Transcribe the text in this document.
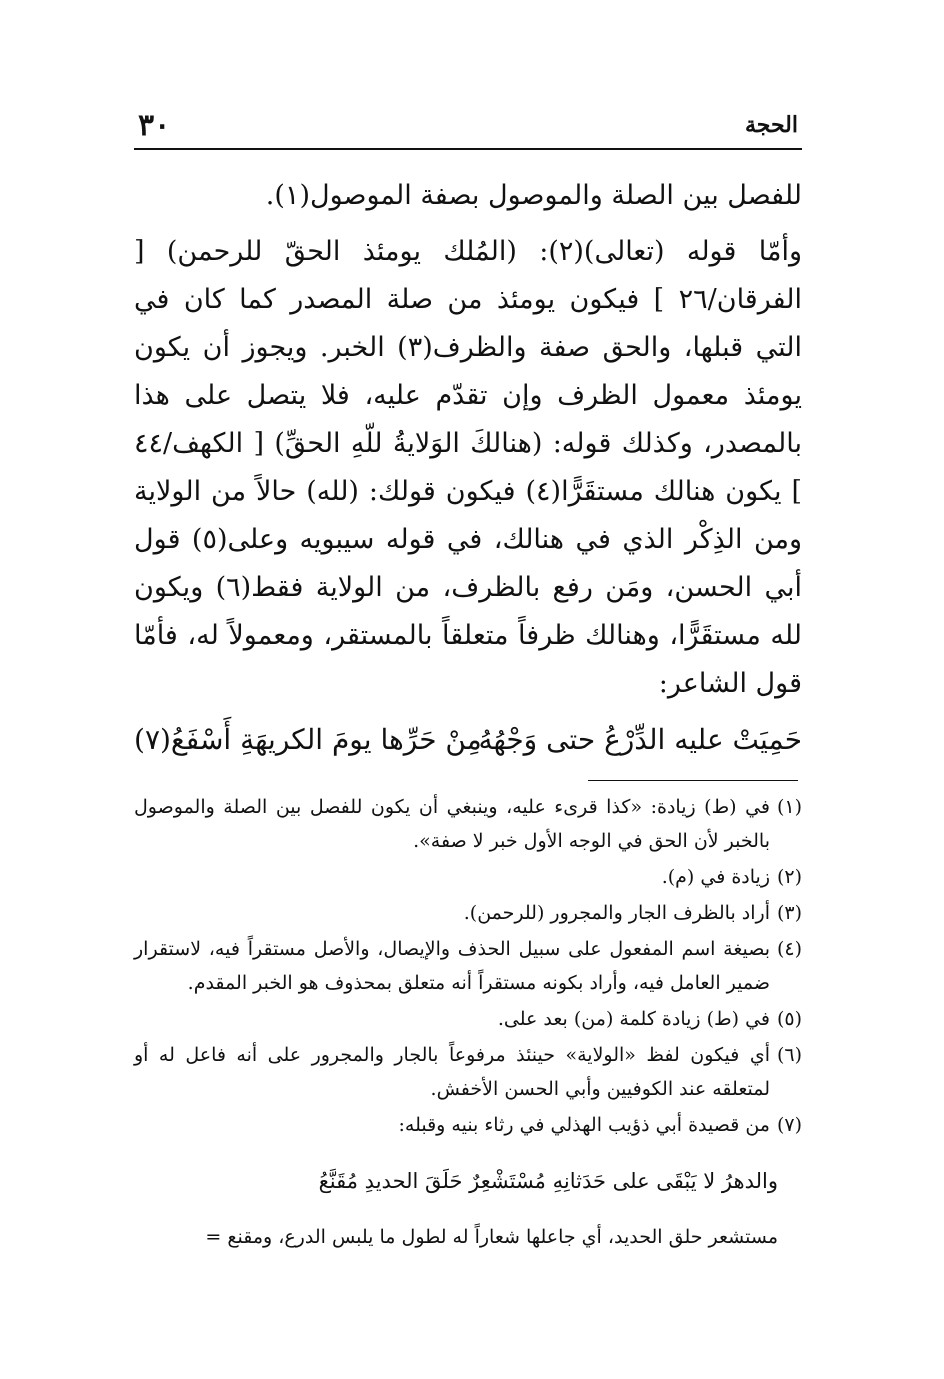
٣٠	الحجة

للفصل بين الصلة والموصول بصفة الموصول(١).

وأمّا قوله (تعالى)(٢): (المُلك يومئذ الحقّ للرحمن) [ الفرقان/٢٦ ] فيكون يومئذ من صلة المصدر كما كان في التي قبلها، والحق صفة والظرف(٣) الخبر. ويجوز أن يكون يومئذ معمول الظرف وإن تقدّم عليه، فلا يتصل على هذا بالمصدر، وكذلك قوله: (هنالكَ الوَلايةُ للّهِ الحقِّ) [ الكهف/٤٤ ] يكون هنالك مستقَرًّا(٤) فيكون قولك: (لله) حالاً من الولاية ومن الذِكْر الذي في هنالك، في قوله سيبويه وعلى(٥) قول أبي الحسن، ومَن رفع بالظرف، من الولاية فقط(٦) ويكون لله مستقَرًّا، وهنالك ظرفاً متعلقاً بالمستقر، ومعمولاً له، فأمّا قول الشاعر:

حَمِيَتْ عليه الدِّرْعُ حتى وَجْهُهُ
مِنْ حَرِّها يومَ الكريهَةِ أَسْفَعُ(٧)

(١)في (ط) زيادة: «كذا قرىء عليه، وينبغي أن يكون للفصل بين الصلة والموصول بالخبر لأن الحق في الوجه الأول خبر لا صفة».

(٢)زيادة في (م).

(٣)أراد بالظرف الجار والمجرور (للرحمن).

(٤)بصيغة اسم المفعول على سبيل الحذف والإيصال، والأصل مستقراً فيه، لاستقرار ضمير العامل فيه، وأراد بكونه مستقراً أنه متعلق بمحذوف هو الخبر المقدم.

(٥)في (ط) زيادة كلمة (من) بعد على.

(٦)أي فيكون لفظ «الولاية» حينئذ مرفوعاً بالجار والمجرور على أنه فاعل له أو لمتعلقه عند الكوفيين وأبي الحسن الأخفش.

(٧)من قصيدة أبي ذؤيب الهذلي في رثاء بنيه وقبله:

والدهرُ لا يَبْقَى على حَدَثانِهِ مُسْتَشْعِرٌ حَلَقَ الحديدِ مُقَنَّعُ

مستشعر حلق الحديد، أي جاعلها شعاراً له لطول ما يلبس الدرع، ومقنع =
